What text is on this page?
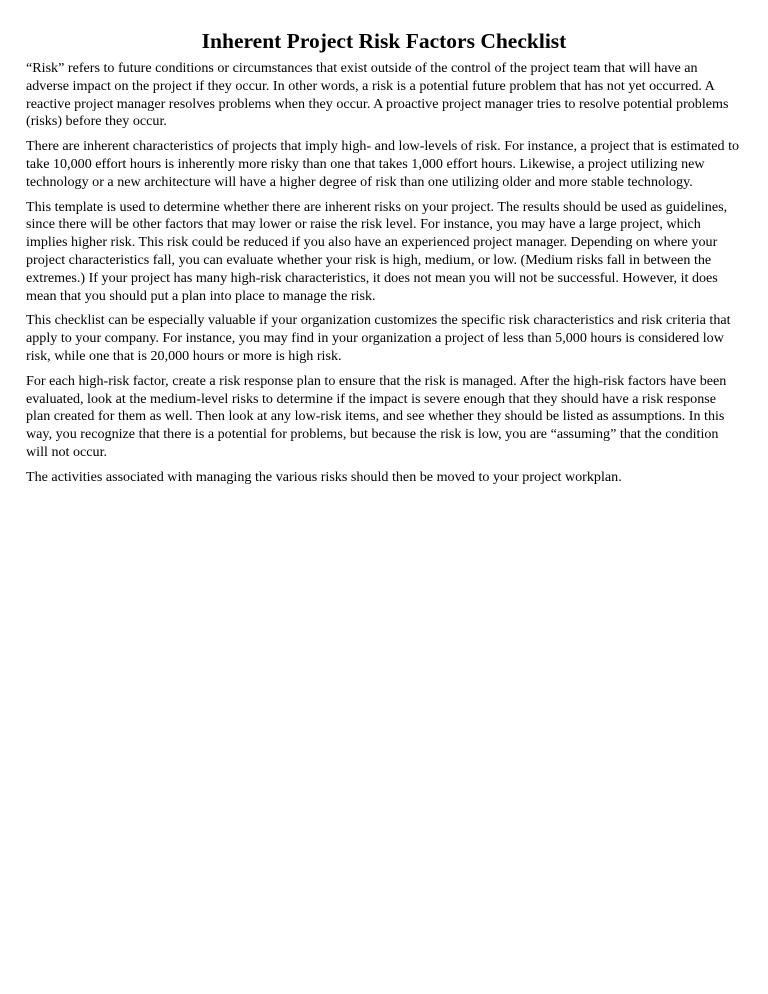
Inherent Project Risk Factors Checklist

“Risk” refers to future conditions or circumstances that exist outside of the control of the project team that will have an adverse impact on the project if they occur. In other words, a risk is a potential future problem that has not yet occurred. A reactive project manager resolves problems when they occur. A proactive project manager tries to resolve potential problems (risks) before they occur.

There are inherent characteristics of projects that imply high- and low-levels of risk. For instance, a project that is estimated to take 10,000 effort hours is inherently more risky than one that takes 1,000 effort hours. Likewise, a project utilizing new technology or a new architecture will have a higher degree of risk than one utilizing older and more stable technology.

This template is used to determine whether there are inherent risks on your project. The results should be used as guidelines, since there will be other factors that may lower or raise the risk level. For instance, you may have a large project, which implies higher risk. This risk could be reduced if you also have an experienced project manager. Depending on where your project characteristics fall, you can evaluate whether your risk is high, medium, or low. (Medium risks fall in between the extremes.) If your project has many high-risk characteristics, it does not mean you will not be successful. However, it does mean that you should put a plan into place to manage the risk.

This checklist can be especially valuable if your organization customizes the specific risk characteristics and risk criteria that apply to your company. For instance, you may find in your organization a project of less than 5,000 hours is considered low risk, while one that is 20,000 hours or more is high risk.

For each high-risk factor, create a risk response plan to ensure that the risk is managed. After the high-risk factors have been evaluated, look at the medium-level risks to determine if the impact is severe enough that they should have a risk response plan created for them as well. Then look at any low-risk items, and see whether they should be listed as assumptions. In this way, you recognize that there is a potential for problems, but because the risk is low, you are “assuming” that the condition will not occur.

The activities associated with managing the various risks should then be moved to your project workplan.
